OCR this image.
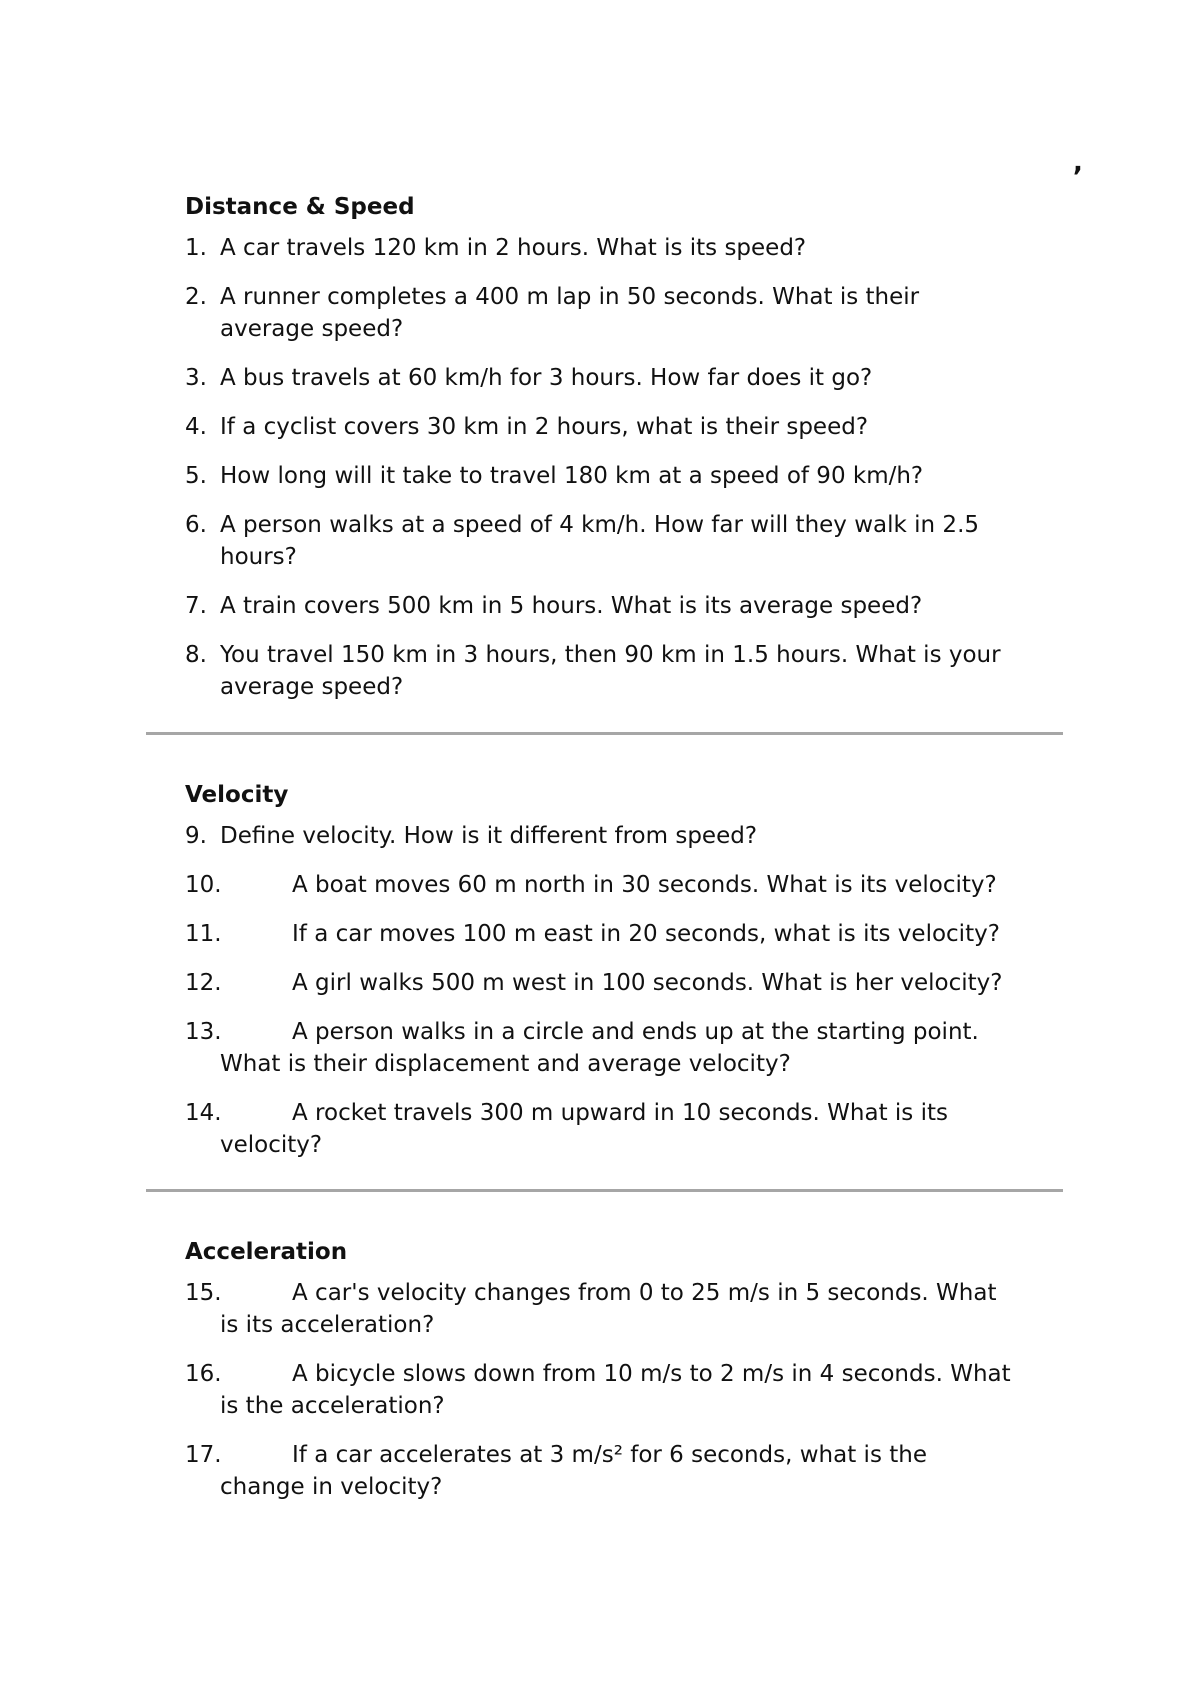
,
Distance & Speed
1. A car travels 120 km in 2 hours. What is its speed?
2. A runner completes a 400 m lap in 50 seconds. What is their
average speed?
3. A bus travels at 60 km/h for 3 hours. How far does it go?
4. If a cyclist covers 30 km in 2 hours, what is their speed?
5. How long will it take to travel 180 km at a speed of 90 km/h?
6. A person walks at a speed of 4 km/h. How far will they walk in 2.5
hours?
7. A train covers 500 km in 5 hours. What is its average speed?
8. You travel 150 km in 3 hours, then 90 km in 1.5 hours. What is your
average speed?
Velocity
9. Define velocity. How is it different from speed?
10.	A boat moves 60 m north in 30 seconds. What is its velocity?
11.	If a car moves 100 m east in 20 seconds, what is its velocity?
12.	A girl walks 500 m west in 100 seconds. What is her velocity?
13.	A person walks in a circle and ends up at the starting point.
What is their displacement and average velocity?
14.	A rocket travels 300 m upward in 10 seconds. What is its
velocity?
Acceleration
15.	A car's velocity changes from 0 to 25 m/s in 5 seconds. What
is its acceleration?
16.	A bicycle slows down from 10 m/s to 2 m/s in 4 seconds. What
is the acceleration?
17.	If a car accelerates at 3 m/s² for 6 seconds, what is the
change in velocity?
